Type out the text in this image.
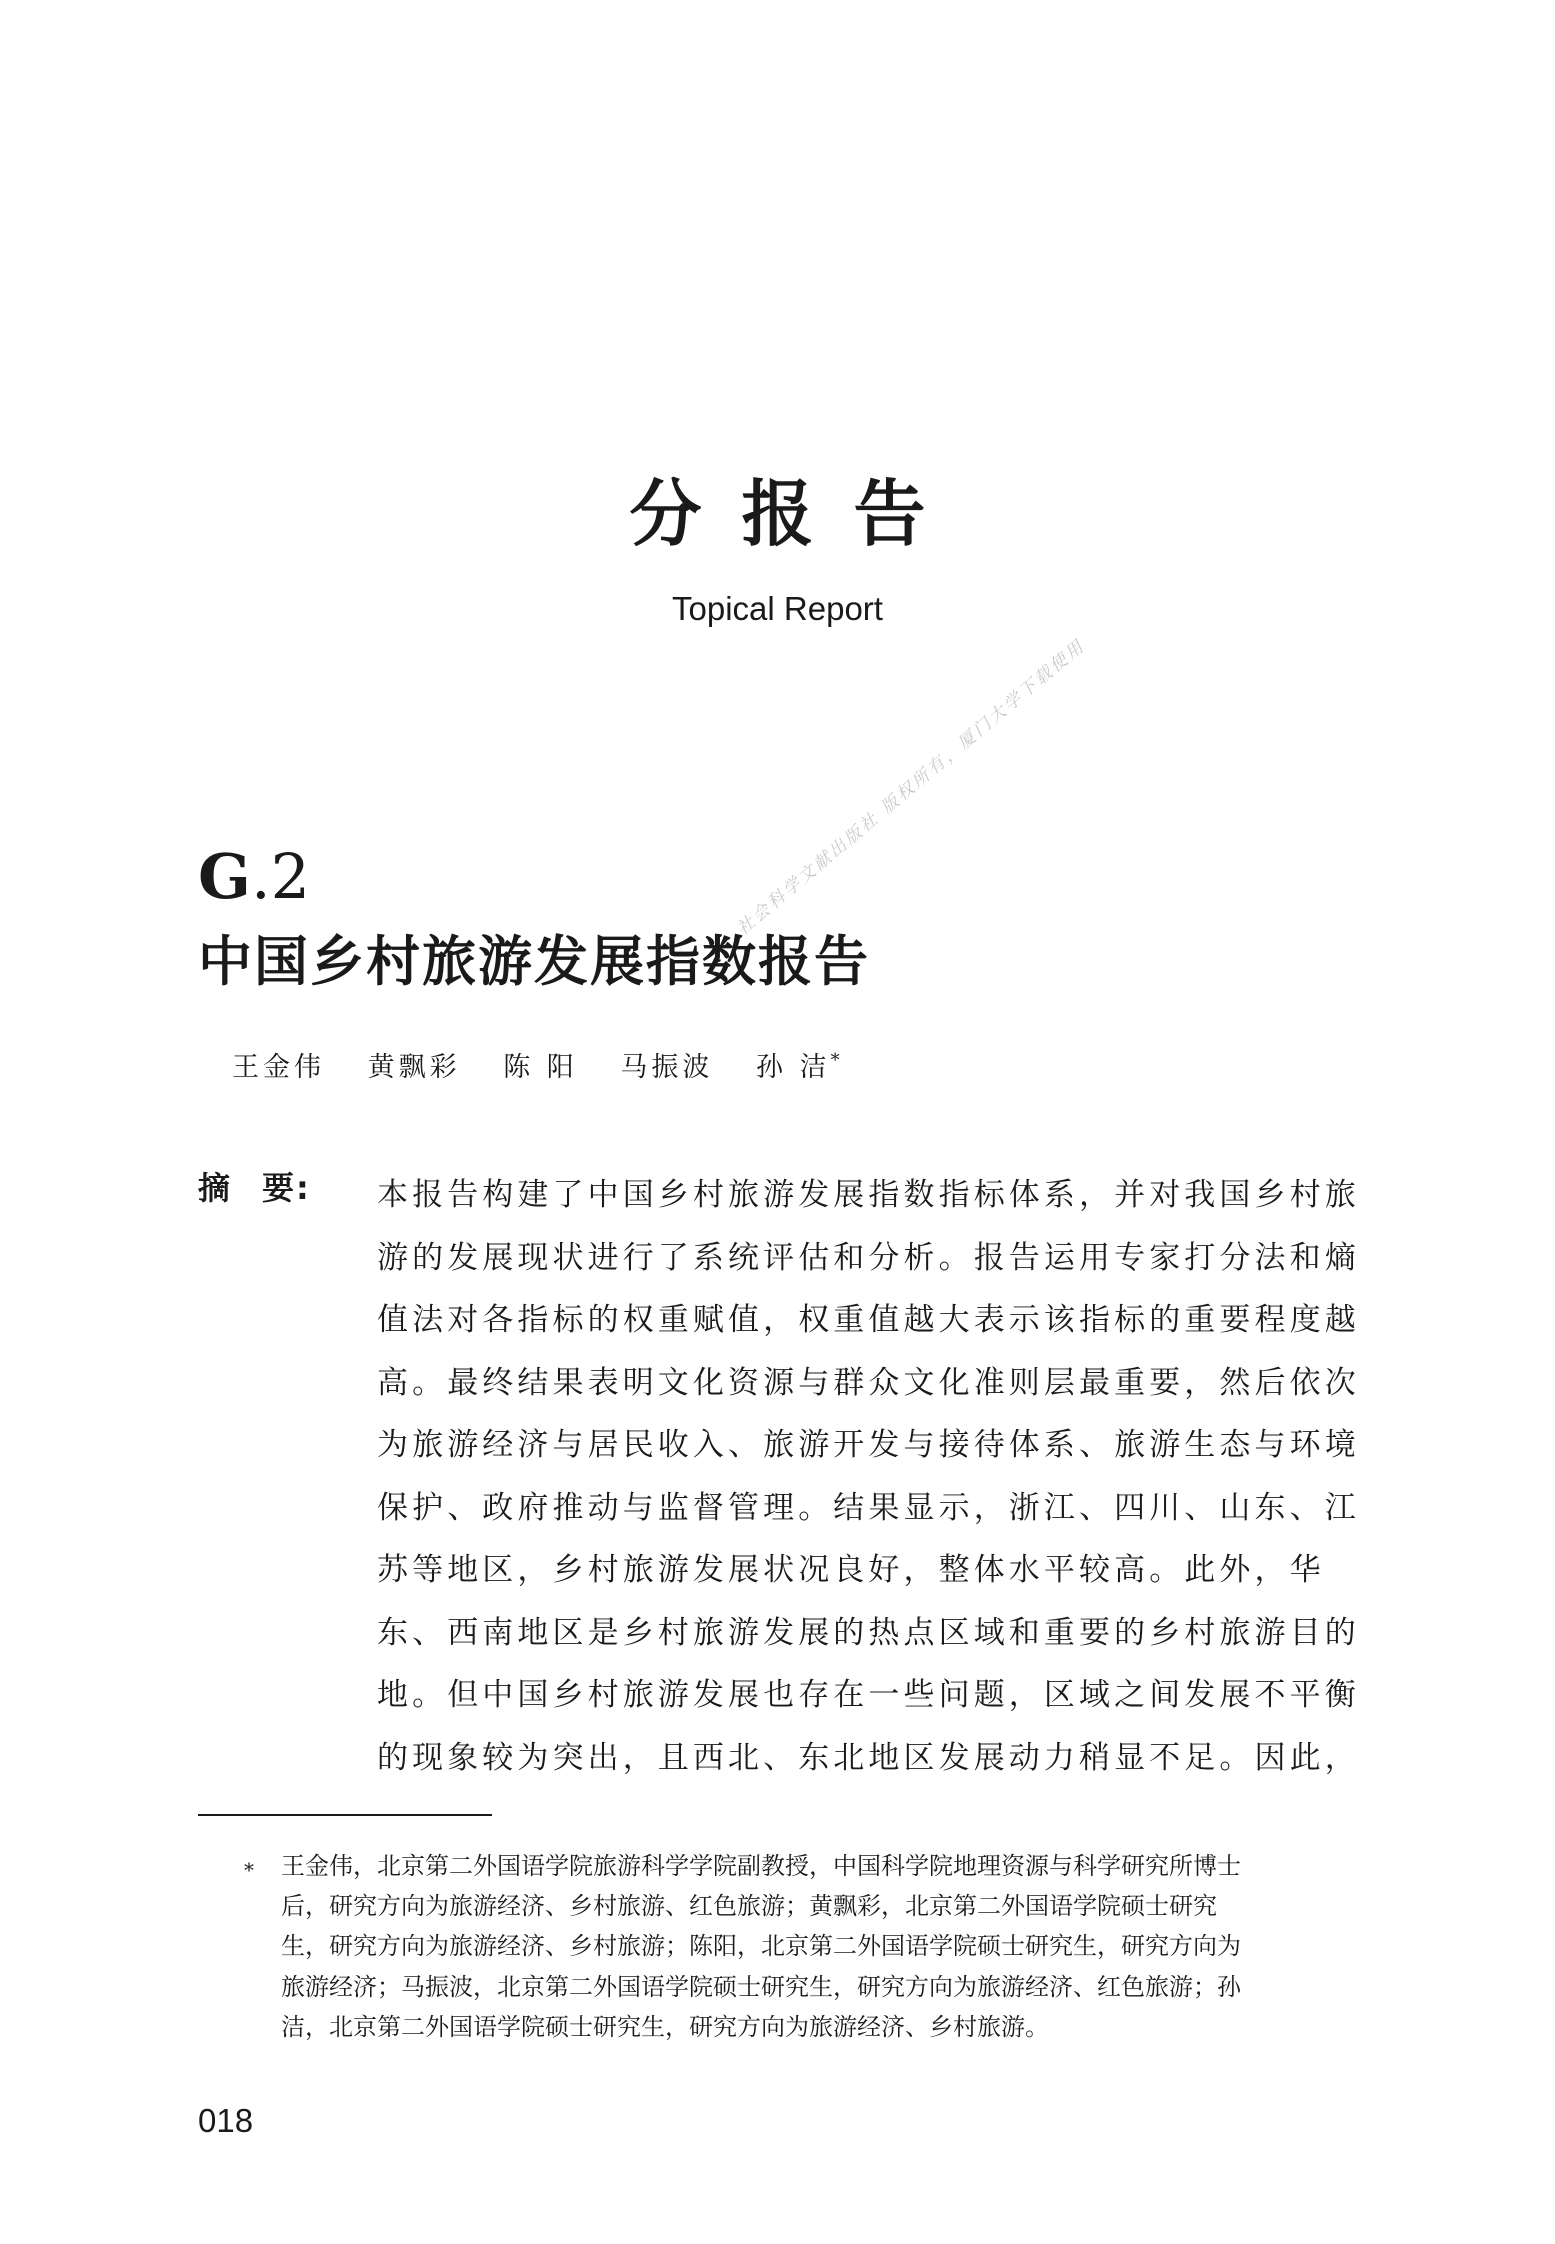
分报告
Topical Report
社会科学文献出版社 版权所有，厦门大学下载使用
G.2
中国乡村旅游发展指数报告
王金伟 黄飘彩 陈 阳 马振波 孙 洁*
摘 要: 本报告构建了中国乡村旅游发展指数指标体系，并对我国乡村旅
游的发展现状进行了系统评估和分析。报告运用专家打分法和熵
值法对各指标的权重赋值，权重值越大表示该指标的重要程度越
高。最终结果表明文化资源与群众文化准则层最重要，然后依次
为旅游经济与居民收入、旅游开发与接待体系、旅游生态与环境
保护、政府推动与监督管理。结果显示，浙江、四川、山东、江
苏等地区，乡村旅游发展状况良好，整体水平较高。此外，华
东、西南地区是乡村旅游发展的热点区域和重要的乡村旅游目的
地。但中国乡村旅游发展也存在一些问题，区域之间发展不平衡
的现象较为突出，且西北、东北地区发展动力稍显不足。因此，
* 王金伟，北京第二外国语学院旅游科学学院副教授，中国科学院地理资源与科学研究所博士
后，研究方向为旅游经济、乡村旅游、红色旅游；黄飘彩，北京第二外国语学院硕士研究
生，研究方向为旅游经济、乡村旅游；陈阳，北京第二外国语学院硕士研究生，研究方向为
旅游经济；马振波，北京第二外国语学院硕士研究生，研究方向为旅游经济、红色旅游；孙
洁，北京第二外国语学院硕士研究生，研究方向为旅游经济、乡村旅游。
018
